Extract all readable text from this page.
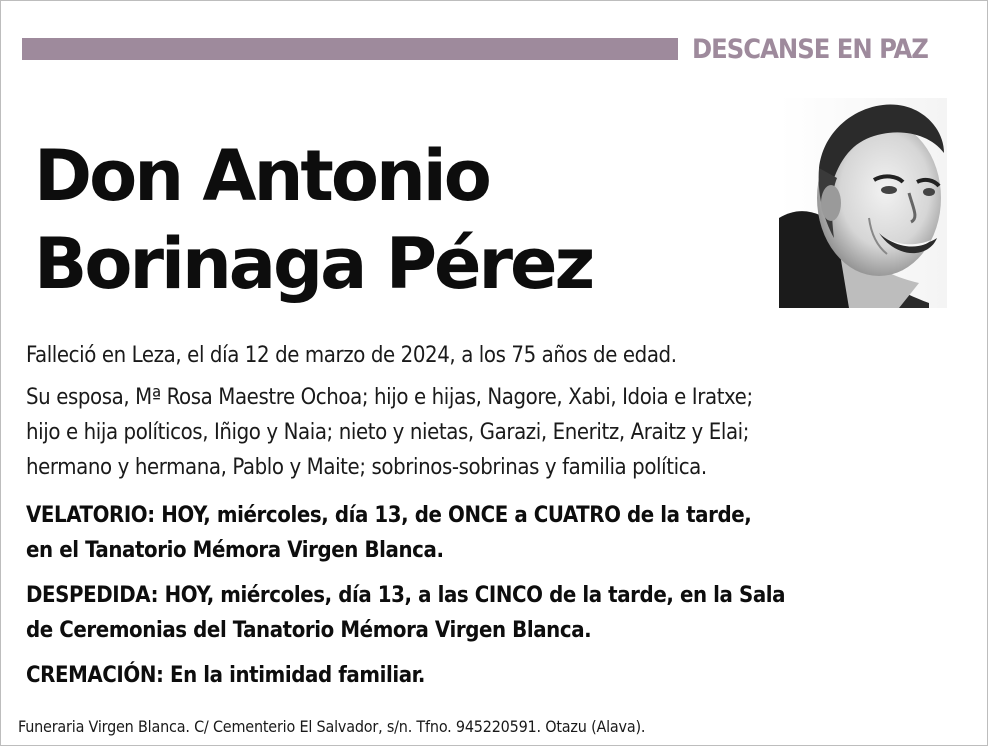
DESCANSE EN PAZ
Don Antonio
Borinaga Pérez
Falleció en Leza, el día 12 de marzo de 2024, a los 75 años de edad.
Su esposa, Mª Rosa Maestre Ochoa; hijo e hijas, Nagore, Xabi, Idoia e Iratxe;
hijo e hija políticos, Iñigo y Naia; nieto y nietas, Garazi, Eneritz, Araitz y Elai;
hermano y hermana, Pablo y Maite; sobrinos-sobrinas y familia política.
VELATORIO: HOY, miércoles, día 13, de ONCE a CUATRO de la tarde,
en el Tanatorio Mémora Virgen Blanca.
DESPEDIDA: HOY, miércoles, día 13, a las CINCO de la tarde, en la Sala
de Ceremonias del Tanatorio Mémora Virgen Blanca.
CREMACIÓN: En la intimidad familiar.
Funeraria Virgen Blanca. C/ Cementerio El Salvador, s/n. Tfno. 945220591. Otazu (Alava).
